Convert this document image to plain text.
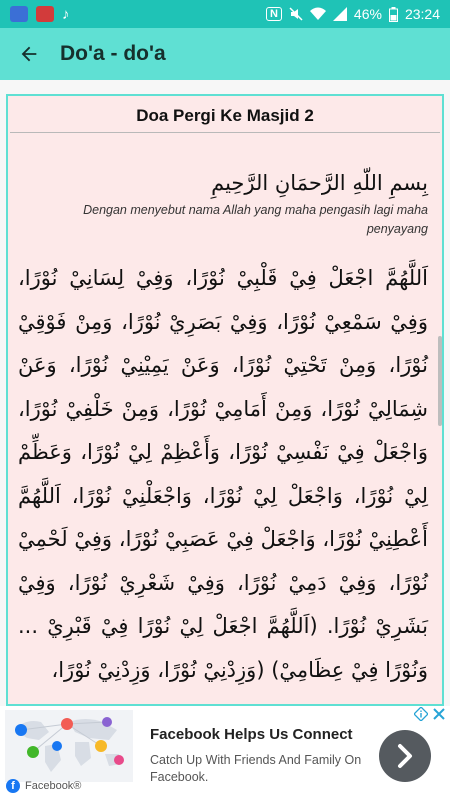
♪	N	46% 23:24
Do'a - do'a
Doa Pergi Ke Masjid 2
بِسمِ اللّهِ الرَّحمَانِ الرَّحِيمِ
Dengan menyebut nama Allah yang maha pengasih lagi maha penyayang
اَللَّهُمَّ اجْعَلْ فِيْ قَلْبِيْ نُوْرًا، وَفِيْ لِسَانِيْ نُوْرًا، وَفِيْ سَمْعِيْ نُوْرًا، وَفِيْ بَصَرِيْ نُوْرًا، وَمِنْ فَوْقِيْ نُوْرًا، وَمِنْ تَحْتِيْ نُوْرًا، وَعَنْ يَمِيْنِيْ نُوْرًا، وَعَنْ شِمَالِيْ نُوْرًا، وَمِنْ أَمَامِيْ نُوْرًا، وَمِنْ خَلْفِيْ نُوْرًا، وَاجْعَلْ فِيْ نَفْسِيْ نُوْرًا، وَأَعْظِمْ لِيْ نُوْرًا، وَعَظِّمْ لِيْ نُوْرًا، وَاجْعَلْ لِيْ نُوْرًا، وَاجْعَلْنِيْ نُوْرًا، اَللَّهُمَّ أَعْطِنِيْ نُوْرًا، وَاجْعَلْ فِيْ عَصَبِيْ نُوْرًا، وَفِيْ لَحْمِيْ نُوْرًا، وَفِيْ دَمِيْ نُوْرًا، وَفِيْ شَعْرِيْ نُوْرًا، وَفِيْ بَشَرِيْ نُوْرًا. (اَللَّهُمَّ اجْعَلْ لِيْ نُوْرًا فِيْ قَبْرِيْ ... وَنُوْرًا فِيْ عِظَامِيْ) (وَزِدْنِيْ نُوْرًا، وَزِدْنِيْ نُوْرًا،
f Facebook®
Facebook Helps Us Connect
Catch Up With Friends And Family On Facebook.
